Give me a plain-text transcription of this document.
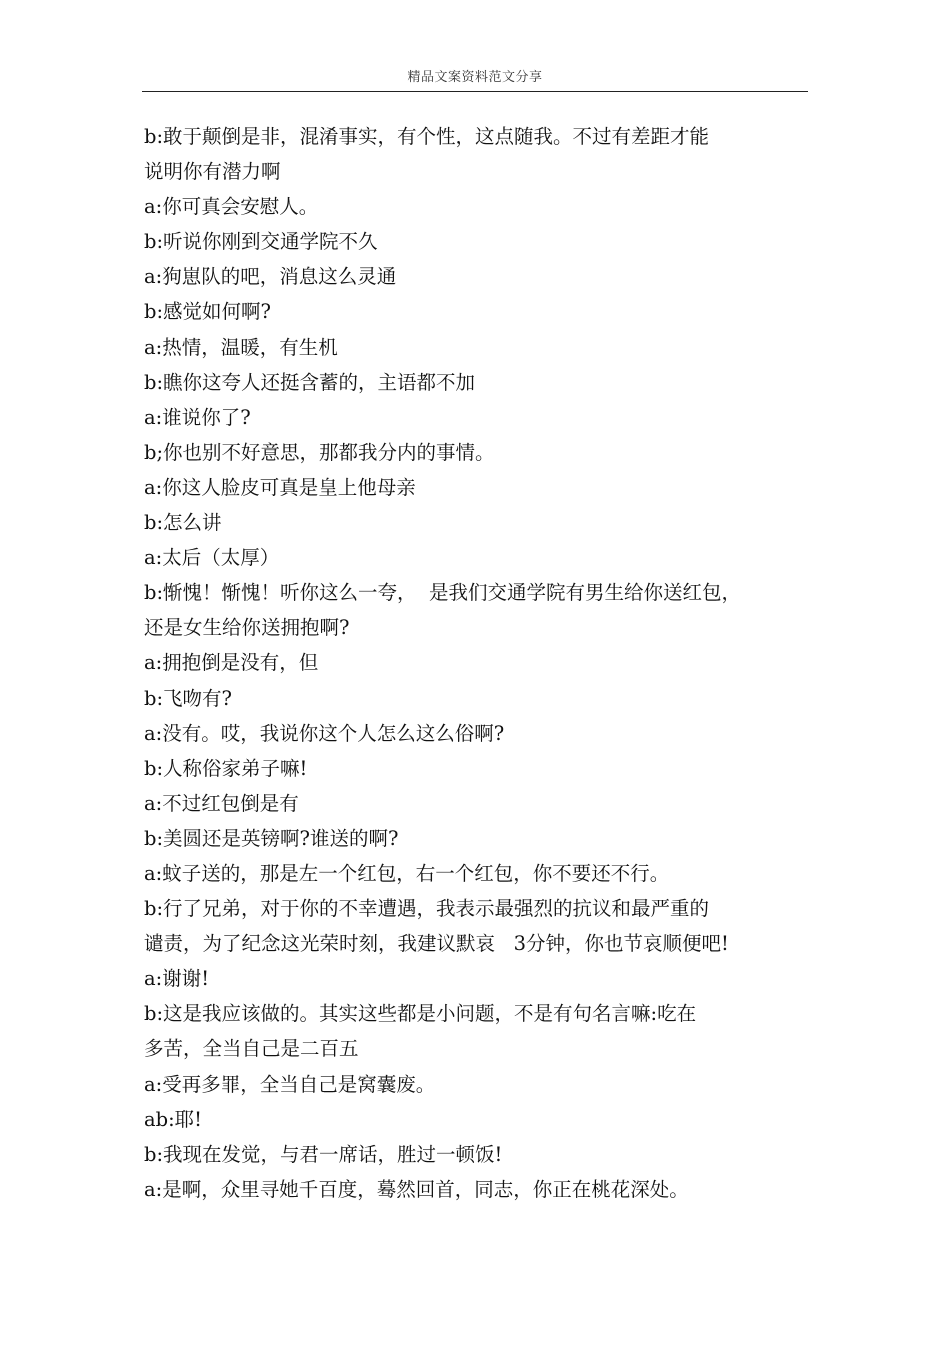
精品文案资料范文分享
b:敢于颠倒是非，混淆事实，有个性，这点随我。不过有差距才能
说明你有潜力啊
a:你可真会安慰人。
b:听说你刚到交通学院不久
a:狗崽队的吧，消息这么灵通
b:感觉如何啊?
a:热情，温暖，有生机
b:瞧你这夸人还挺含蓄的，主语都不加
a:谁说你了?
b;你也别不好意思，那都我分内的事情。
a:你这人脸皮可真是皇上他母亲
b:怎么讲
a:太后（太厚）
b:惭愧！惭愧！听你这么一夸，  是我们交通学院有男生给你送红包，
还是女生给你送拥抱啊?
a:拥抱倒是没有，但
b:飞吻有?
a:没有。哎，我说你这个人怎么这么俗啊?
b:人称俗家弟子嘛!
a:不过红包倒是有
b:美圆还是英镑啊?谁送的啊?
a:蚊子送的，那是左一个红包，右一个红包，你不要还不行。
b:行了兄弟，对于你的不幸遭遇，我表示最强烈的抗议和最严重的
谴责，为了纪念这光荣时刻，我建议默哀   3分钟，你也节哀顺便吧!
a:谢谢!
b:这是我应该做的。其实这些都是小问题，不是有句名言嘛:吃在
多苦，全当自己是二百五
a:受再多罪，全当自己是窝囊废。
ab:耶!
b:我现在发觉，与君一席话，胜过一顿饭!
a:是啊，众里寻她千百度，蓦然回首，同志，你正在桃花深处。
